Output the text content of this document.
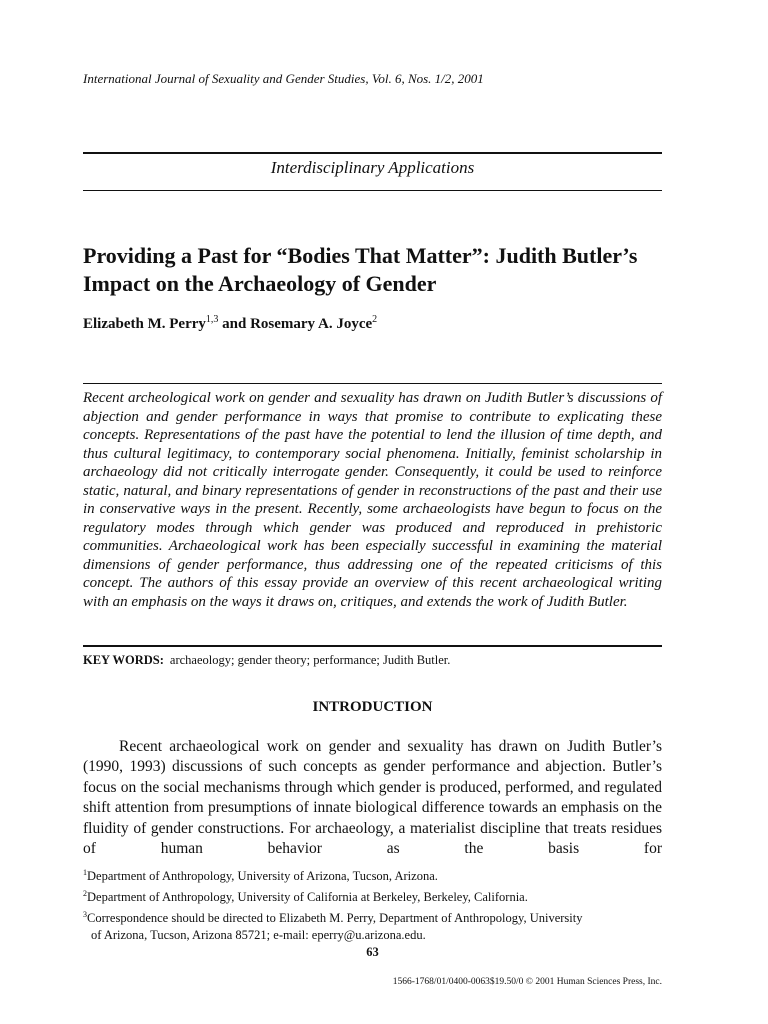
International Journal of Sexuality and Gender Studies, Vol. 6, Nos. 1/2, 2001
Interdisciplinary Applications
Providing a Past for “Bodies That Matter”: Judith Butler’s Impact on the Archaeology of Gender
Elizabeth M. Perry$^{1,3}$ and Rosemary A. Joyce$^2$
Recent archeological work on gender and sexuality has drawn on Judith Butler’s discussions of abjection and gender performance in ways that promise to contribute to explicating these concepts. Representations of the past have the potential to lend the illusion of time depth, and thus cultural legitimacy, to contemporary social phenomena. Initially, feminist scholarship in archaeology did not critically interrogate gender. Consequently, it could be used to reinforce static, natural, and binary representations of gender in reconstructions of the past and their use in conservative ways in the present. Recently, some archaeologists have begun to focus on the regulatory modes through which gender was produced and reproduced in prehistoric communities. Archaeological work has been especially successful in examining the material dimensions of gender performance, thus addressing one of the repeated criticisms of this concept. The authors of this essay provide an overview of this recent archaeological writing with an emphasis on the ways it draws on, critiques, and extends the work of Judith Butler.
KEY WORDS: archaeology; gender theory; performance; Judith Butler.
INTRODUCTION
Recent archaeological work on gender and sexuality has drawn on Judith Butler’s (1990, 1993) discussions of such concepts as gender performance and abjection. Butler’s focus on the social mechanisms through which gender is produced, performed, and regulated shift attention from presumptions of innate biological difference towards an emphasis on the fluidity of gender constructions. For archaeology, a materialist discipline that treats residues of human behavior as the basis for

$^1$Department of Anthropology, University of Arizona, Tucson, Arizona.

$^2$Department of Anthropology, University of California at Berkeley, Berkeley, California.

$^3$Correspondence should be directed to Elizabeth M. Perry, Department of Anthropology, University

of Arizona, Tucson, Arizona 85721; e-mail: eperry@u.arizona.edu.

63
1566-1768/01/0400-0063$19.50/0 © 2001 Human Sciences Press, Inc.
